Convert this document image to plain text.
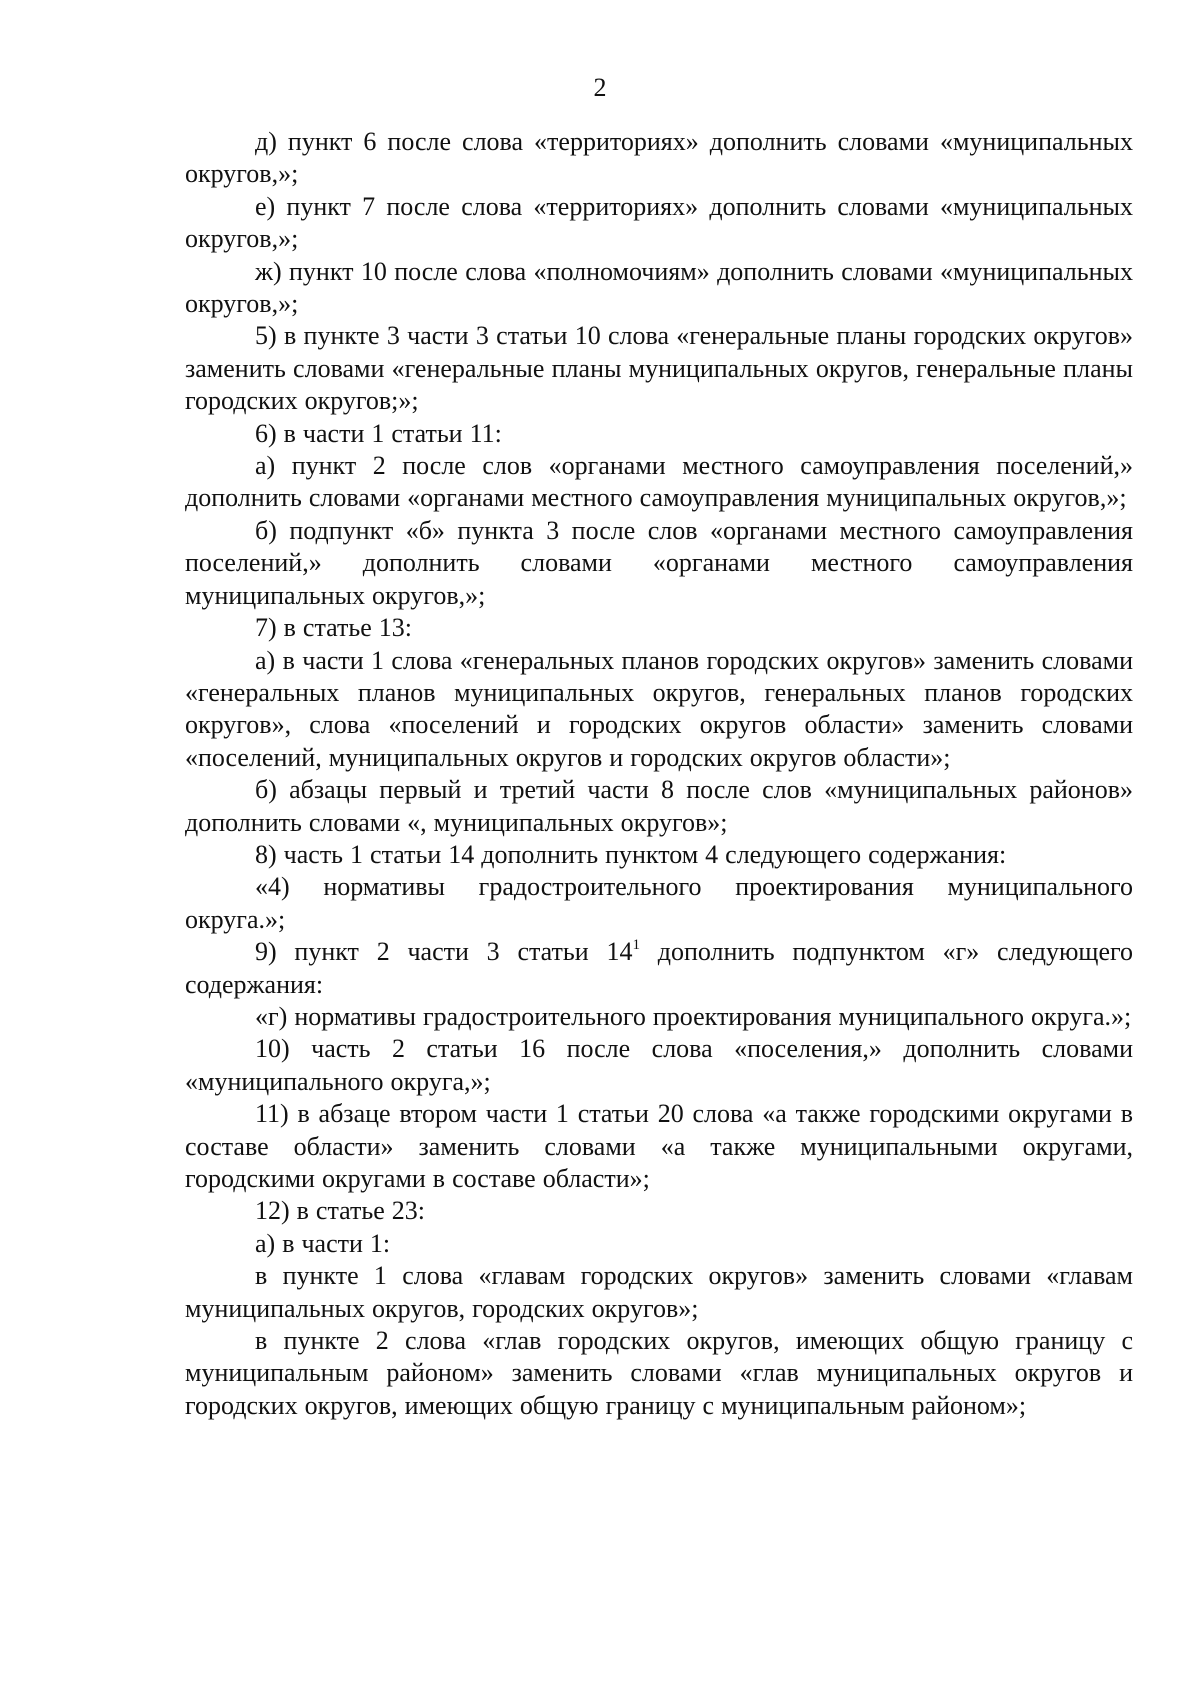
2

д) пункт 6 после слова «территориях» дополнить словами «муниципальных округов,»;

е) пункт 7 после слова «территориях» дополнить словами «муниципальных округов,»;

ж) пункт 10 после слова «полномочиям» дополнить словами «муниципальных округов,»;

5) в пункте 3 части 3 статьи 10 слова «генеральные планы городских округов» заменить словами «генеральные планы муниципальных округов, генеральные планы городских округов;»;

6) в части 1 статьи 11:

а) пункт 2 после слов «органами местного самоуправления поселений,» дополнить словами «органами местного самоуправления муниципальных округов,»;

б) подпункт «б» пункта 3 после слов «органами местного самоуправления поселений,» дополнить словами «органами местного самоуправления муниципальных округов,»;

7) в статье 13:

а) в части 1 слова «генеральных планов городских округов» заменить словами «генеральных планов муниципальных округов, генеральных планов городских округов», слова «поселений и городских округов области» заменить словами «поселений, муниципальных округов и городских округов области»;

б) абзацы первый и третий части 8 после слов «муниципальных районов» дополнить словами «, муниципальных округов»;

8) часть 1 статьи 14 дополнить пунктом 4 следующего содержания:

«4) нормативы градостроительного проектирования муниципального округа.»;

9) пункт 2 части 3 статьи $14^1$ дополнить подпунктом «г» следующего содержания:

«г) нормативы градостроительного проектирования муниципального округа.»;

10) часть 2 статьи 16 после слова «поселения,» дополнить словами «муниципального округа,»;

11) в абзаце втором части 1 статьи 20 слова «а также городскими округами в составе области» заменить словами «а также муниципальными округами, городскими округами в составе области»;

12) в статье 23:

а) в части 1:

в пункте 1 слова «главам городских округов» заменить словами «главам муниципальных округов, городских округов»;

в пункте 2 слова «глав городских округов, имеющих общую границу с муниципальным районом» заменить словами «глав муниципальных округов и городских округов, имеющих общую границу с муниципальным районом»;
